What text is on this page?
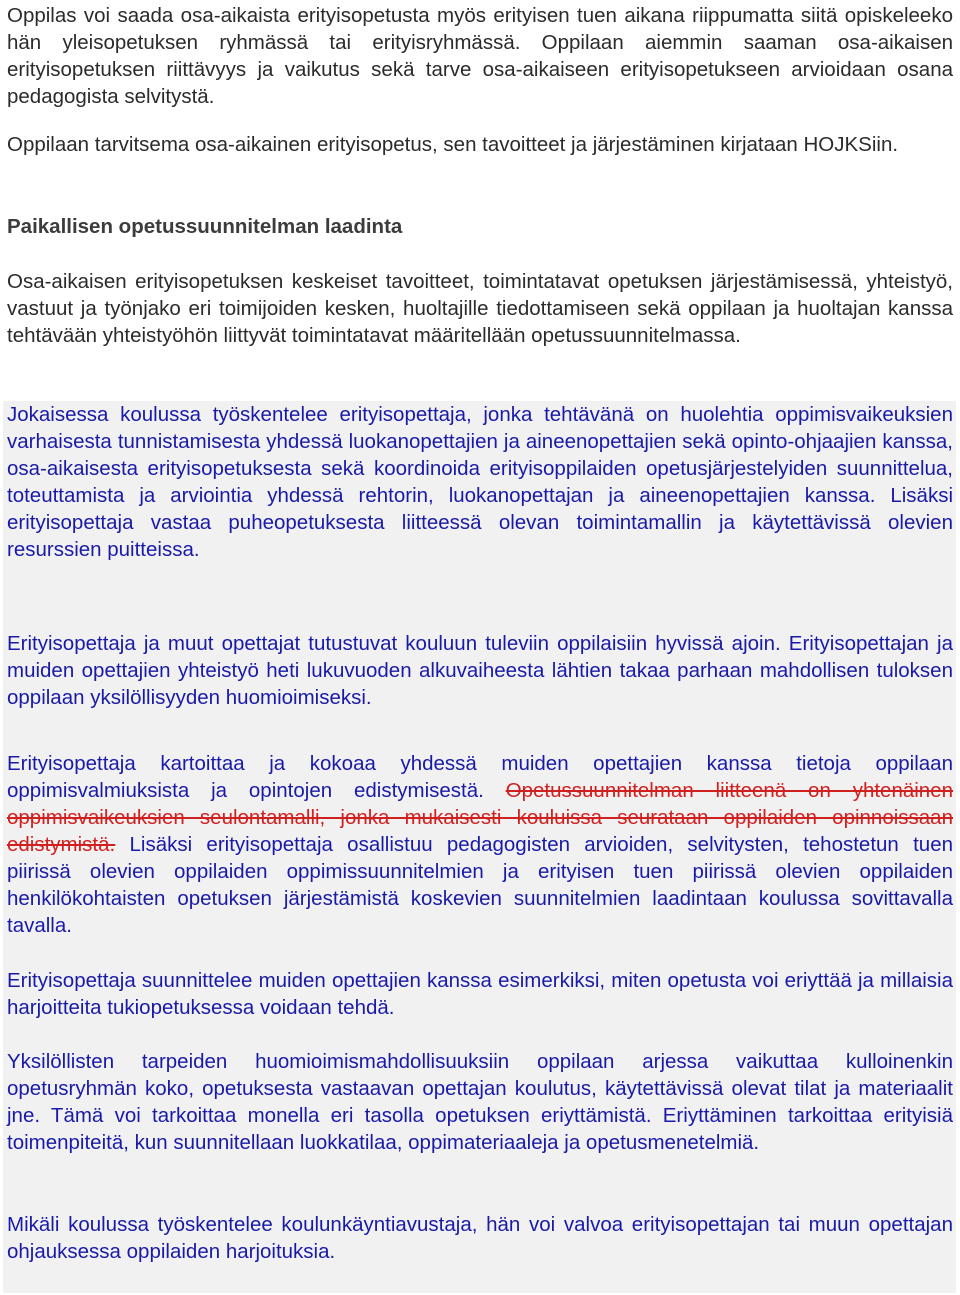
Oppilas voi saada osa-aikaista erityisopetusta myös erityisen tuen aikana riippumatta siitä opiskeleeko hän yleisopetuksen ryhmässä tai erityisryhmässä. Oppilaan aiemmin saaman osa-aikaisen erityisopetuksen riittävyys ja vaikutus sekä tarve osa-aikaiseen erityisopetukseen arvioidaan osana pedagogista selvitystä.

Oppilaan tarvitsema osa-aikainen erityisopetus, sen tavoitteet ja järjestäminen kirjataan HOJKSiin.

Paikallisen opetussuunnitelman laadinta

Osa-aikaisen erityisopetuksen keskeiset tavoitteet, toimintatavat opetuksen järjestämisessä, yhteistyö, vastuut ja työnjako eri toimijoiden kesken, huoltajille tiedottamiseen sekä oppilaan ja huoltajan kanssa tehtävään yhteistyöhön liittyvät toimintatavat määritellään opetussuunnitelmassa.

Jokaisessa koulussa työskentelee erityisopettaja, jonka tehtävänä on huolehtia oppimisvaikeuksien varhaisesta tunnistamisesta yhdessä luokanopettajien ja aineenopettajien sekä opinto-ohjaajien kanssa, osa-aikaisesta erityisopetuksesta sekä koordinoida erityisoppilaiden opetusjärjestelyiden suunnittelua, toteuttamista ja arviointia yhdessä rehtorin, luokanopettajan ja aineenopettajien kanssa. Lisäksi erityisopettaja vastaa puheopetuksesta liitteessä olevan toimintamallin ja käytettävissä olevien resurssien puitteissa.

Erityisopettaja ja muut opettajat tutustuvat kouluun tuleviin oppilaisiin hyvissä ajoin. Erityisopettajan ja muiden opettajien yhteistyö heti lukuvuoden alkuvaiheesta lähtien takaa parhaan mahdollisen tuloksen oppilaan yksilöllisyyden huomioimiseksi.

Erityisopettaja kartoittaa ja kokoaa yhdessä muiden opettajien kanssa tietoja oppilaan oppimisvalmiuksista ja opintojen edistymisestä. Opetussuunnitelman liitteenä on yhtenäinen oppimisvaikeuksien seulontamalli, jonka mukaisesti kouluissa seurataan oppilaiden opinnoissaan edistymistä. Lisäksi erityisopettaja osallistuu pedagogisten arvioiden, selvitysten, tehostetun tuen piirissä olevien oppilaiden oppimissuunnitelmien ja erityisen tuen piirissä olevien oppilaiden henkilökohtaisten opetuksen järjestämistä koskevien suunnitelmien laadintaan koulussa sovittavalla tavalla.

Erityisopettaja suunnittelee muiden opettajien kanssa esimerkiksi, miten opetusta voi eriyttää ja millaisia harjoitteita tukiopetuksessa voidaan tehdä.

Yksilöllisten tarpeiden huomioimismahdollisuuksiin oppilaan arjessa vaikuttaa kulloinenkin opetusryhmän koko, opetuksesta vastaavan opettajan koulutus, käytettävissä olevat tilat ja materiaalit jne. Tämä voi tarkoittaa monella eri tasolla opetuksen eriyttämistä. Eriyttäminen tarkoittaa erityisiä toimenpiteitä, kun suunnitellaan luokkatilaa, oppimateriaaleja ja opetusmenetelmiä.

Mikäli koulussa työskentelee koulunkäyntiavustaja, hän voi valvoa erityisopettajan tai muun opettajan ohjauksessa oppilaiden harjoituksia.
